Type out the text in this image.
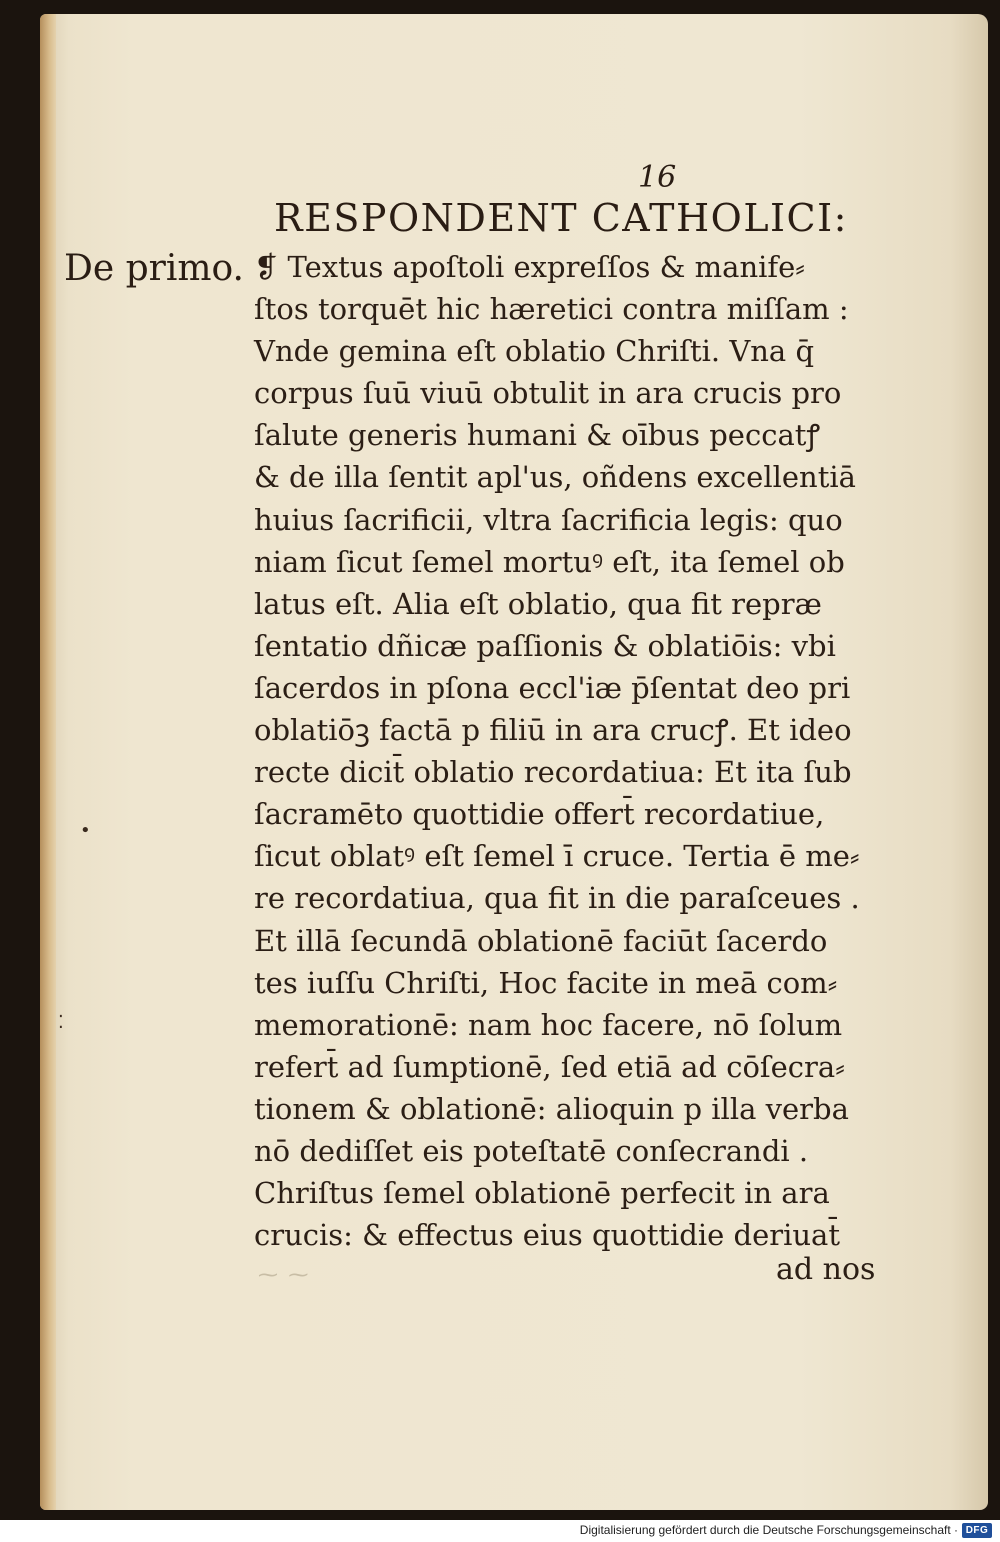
16
RESPONDENT CATHOLICI:
De primo. ❡ Textus apoſtoli expreſſos & manife⸗
ſtos torquēt hic hæretici contra miſſam :
Vnde gemina eſt oblatio Chriſti. Vna q̄
corpus ſuū viuū obtulit in ara crucis pro
ſalute generis humani & oībus peccatꝭ
& de illa ſentit apl'us, oñdens excellentiā
huius ſacrificii, vltra ſacrificia legis: quo
niam ſicut ſemel mortuꝰ eſt, ita ſemel ob
latus eſt. Alia eſt oblatio, qua fit repræ
ſentatio dñicæ paſſionis & oblatiōis: vbi
ſacerdos in pſona eccl'iæ p̄ſentat deo pri
oblatiōꝫ factā p filiū in ara crucꝭ. Et ideo
recte dicit̄ oblatio recordatiua: Et ita ſub
ſacramēto quottidie offert̄ recordatiue,
ſicut oblatꝰ eſt ſemel ī cruce. Tertia ē me⸗
re recordatiua, qua fit in die paraſceues .
Et illā ſecundā oblationē faciūt ſacerdo
tes iuſſu Chriſti, Hoc facite in meā com⸗
memorationē: nam hoc facere, nō ſolum
refert̄ ad ſumptionē, ſed etiā ad cōſecra⸗
tionem & oblationē: alioquin p illa verba
nō dediſſet eis poteſtatē conſecrandi .
Chriſtus ſemel oblationē perfecit in ara
crucis: & effectus eius quottidie deriuat̄
⁓ ⁓	ad nos
•
⁚
Digitalisierung gefördert durch die Deutsche Forschungsgemeinschaft · DFG
